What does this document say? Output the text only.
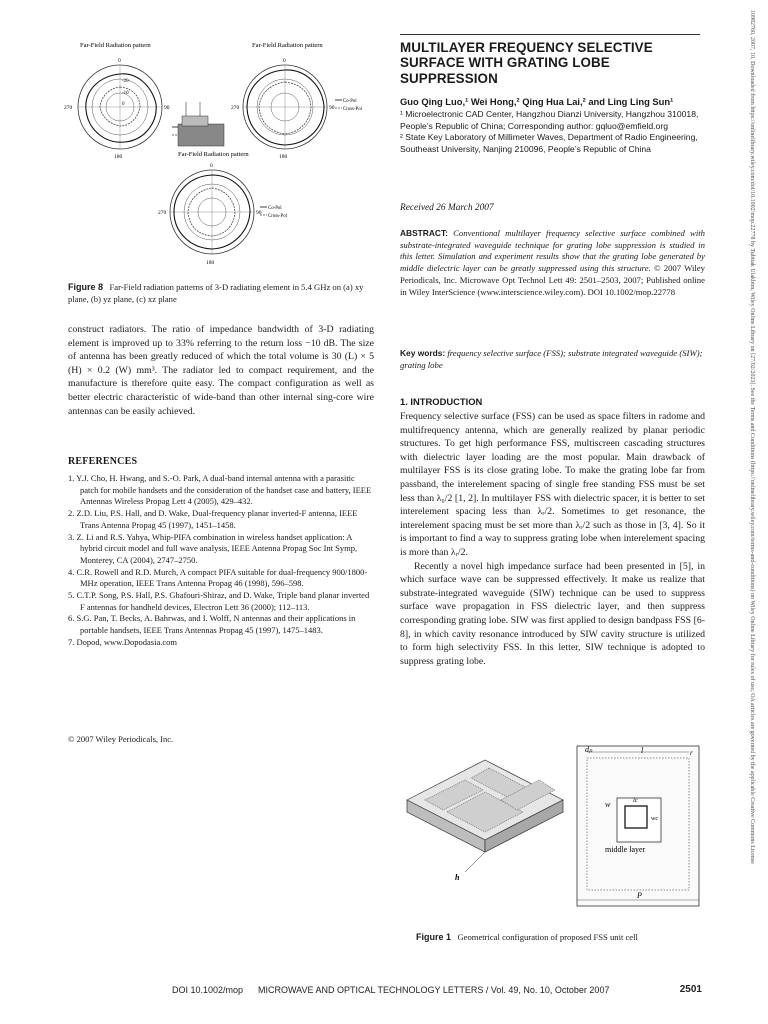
Far-Field Radiation pattern
0
90
180
270
-20
-10
0
Far-Field Radiation pattern
0
90
180
270
Co-Pol
Cross-Pol
Far-Field Radiation pattern
0
90
180
270
Co-Pol
Cross-Pol
Figure 8 Far-Field radiation patterns of 3-D radiating element in 5.4 GHz on (a) xy plane, (b) yz plane, (c) xz plane

construct radiators. The ratio of impedance bandwidth of 3-D radiating element is improved up to 33% referring to the return loss −10 dB. The size of antenna has been greatly reduced of which the total volume is 30 (L) × 5 (H) × 0.2 (W) mm³. The radiator led to compact requirement, and the manufacture is therefore quite easy. The compact configuration as well as better electric characteristic of wide-band than other internal sing-core wire antennas can be easily achieved.

REFERENCES
1. Y.J. Cho, H. Hwang, and S.-O. Park, A dual-band internal antenna with a parasitic patch for mobile handsets and the consideration of the handset case and battery, IEEE Antennas Wireless Propag Lett 4 (2005), 429–432.
2. Z.D. Liu, P.S. Hall, and D. Wake, Dual-frequency planar inverted-F antenna, IEEE Trans Antenna Propag 45 (1997), 1451–1458.
3. Z. Li and R.S. Yahya, Whip-PIFA combination in wireless handset application: A hybrid circuit model and full wave analysis, IEEE Antenna Propag Soc Int Symp, Monterey, CA (2004), 2747–2750.
4. C.R. Rowell and R.D. Murch, A compact PIFA suitable for dual-frequency 900/1800-MHz operation, IEEE Trans Antenna Propag 46 (1998), 596–598.
5. C.T.P. Song, P.S. Hall, P.S. Ghafouri-Shiraz, and D. Wake, Triple band planar inverted F antennas for handheld devices, Electron Lett 36 (2000); 112–113.
6. S.G. Pan, T. Becks, A. Bahrwas, and I. Wolff, N antennas and their applications in portable handsets, IEEE Trans Antennas Propag 45 (1997), 1475–1483.
7. Dopod, www.Dopodasia.com
© 2007 Wiley Periodicals, Inc.
MULTILAYER FREQUENCY SELECTIVE SURFACE WITH GRATING LOBE SUPPRESSION
Guo Qing Luo,¹ Wei Hong,² Qing Hua Lai,² and Ling Ling Sun¹
¹ Microelectronic CAD Center, Hangzhou Dianzi University, Hangzhou 310018, People’s Republic of China; Corresponding author: gqluo@emfield.org
² State Key Laboratory of Millimeter Waves, Department of Radio Engineering, Southeast University, Nanjing 210096, People’s Republic of China
Received 26 March 2007
ABSTRACT: Conventional multilayer frequency selective surface combined with substrate-integrated waveguide technique for grating lobe suppression is studied in this letter. Simulation and experiment results show that the grating lobe generated by middle dielectric layer can be greatly suppressed using this structure. © 2007 Wiley Periodicals, Inc. Microwave Opt Technol Lett 49: 2501–2503, 2007; Published online in Wiley InterScience (www.interscience.wiley.com). DOI 10.1002/mop.22778
Key words: frequency selective surface (FSS); substrate integrated waveguide (SIW); grating lobe
1. INTRODUCTION

Frequency selective surface (FSS) can be used as space filters in radome and multifrequency antenna, which are generally realized by planar periodic structures. To get high performance FSS, multiscreen cascading structures with dielectric layer loading are the most popular. Main drawback of multilayer FSS is its close grating lobe. To make the grating lobe far from passband, the interelement spacing of single free standing FSS must be set less than λ₀/2 [1, 2]. In multilayer FSS with dielectric spacer, it is better to set interelement spacing less than λᵣ/2. Sometimes to get resonance, the interelement spacing must be set more than λᵣ/2 such as those in [3, 4]. So it is important to find a way to suppress grating lobe when interelement spacing is more than λᵣ/2.

Recently a novel high impedance surface had been presented in [5], in which surface wave can be suppressed effectively. It make us realize that substrate-integrated waveguide (SIW) technique can be used to suppress surface wave propagation in FSS dielectric layer, and then suppress corresponding grating lobe. SIW was first applied to design bandpass FSS [6-8], in which cavity resonance introduced by SIW cavity structure is utilized to form high selectivity FSS. In this letter, SIW technique is adopted to suppress grating lobe.

h
dₚ	l	r
w	lc
wc
middle layer
P
Figure 1 Geometrical configuration of proposed FSS unit cell
DOI 10.1002/mop MICROWAVE AND OPTICAL TECHNOLOGY LETTERS / Vol. 49, No. 10, October 2007	2501
10982760, 2007, 10, Downloaded from https://onlinelibrary.wiley.com/doi/10.1002/mop.22778 by Tubitak Ulakbim, Wiley Online Library on [27/02/2023]. See the Terms and Conditions (https://onlinelibrary.wiley.com/terms-and-conditions) on Wiley Online Library for rules of use; OA articles are governed by the applicable Creative Commons License
